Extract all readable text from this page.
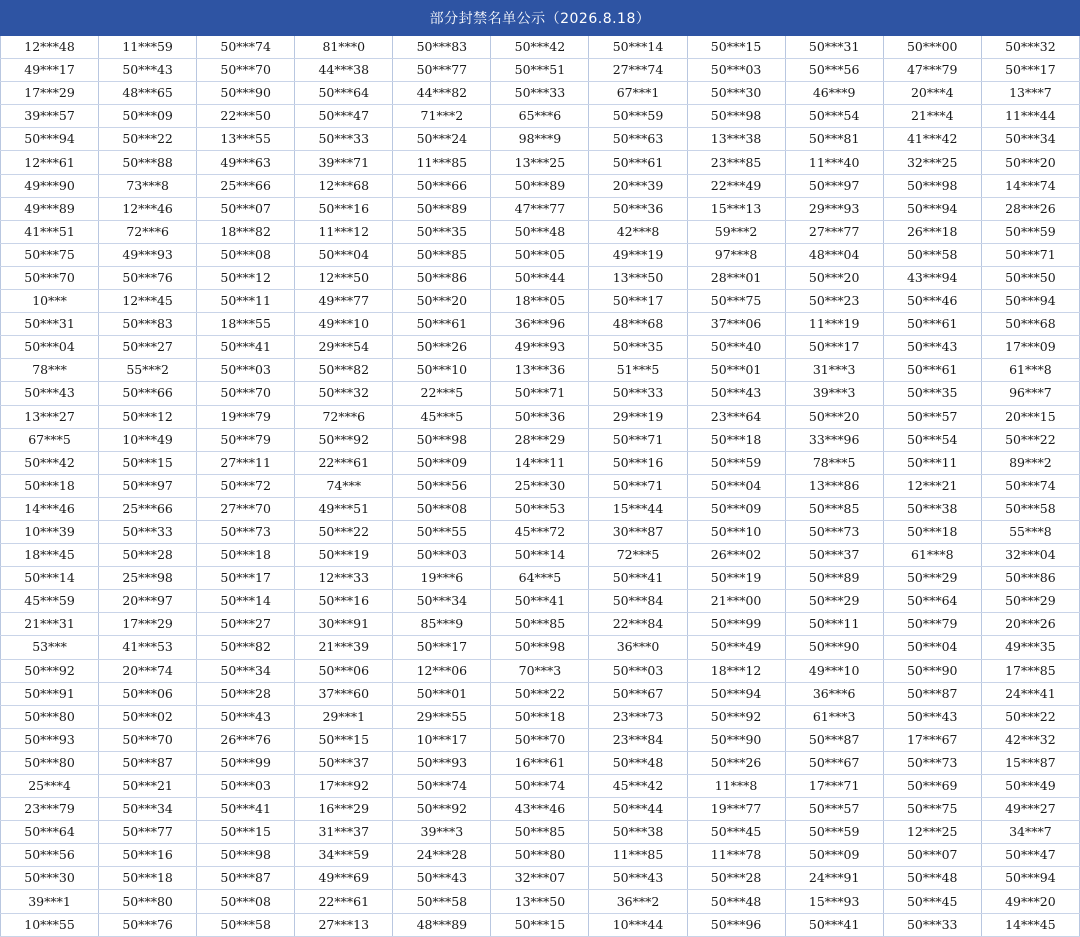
部分封禁名单公示（2026.8.18）
12***48	11***59	50***74	81***0	50***83	50***42	50***14	50***15	50***31	50***00	50***32
49***17	50***43	50***70	44***38	50***77	50***51	27***74	50***03	50***56	47***79	50***17
17***29	48***65	50***90	50***64	44***82	50***33	67***1	50***30	46***9	20***4	13***7
39***57	50***09	22***50	50***47	71***2	65***6	50***59	50***98	50***54	21***4	11***44
50***94	50***22	13***55	50***33	50***24	98***9	50***63	13***38	50***81	41***42	50***34
12***61	50***88	49***63	39***71	11***85	13***25	50***61	23***85	11***40	32***25	50***20
49***90	73***8	25***66	12***68	50***66	50***89	20***39	22***49	50***97	50***98	14***74
49***89	12***46	50***07	50***16	50***89	47***77	50***36	15***13	29***93	50***94	28***26
41***51	72***6	18***82	11***12	50***35	50***48	42***8	59***2	27***77	26***18	50***59
50***75	49***93	50***08	50***04	50***85	50***05	49***19	97***8	48***04	50***58	50***71
50***70	50***76	50***12	12***50	50***86	50***44	13***50	28***01	50***20	43***94	50***50
10***	12***45	50***11	49***77	50***20	18***05	50***17	50***75	50***23	50***46	50***94
50***31	50***83	18***55	49***10	50***61	36***96	48***68	37***06	11***19	50***61	50***68
50***04	50***27	50***41	29***54	50***26	49***93	50***35	50***40	50***17	50***43	17***09
78***	55***2	50***03	50***82	50***10	13***36	51***5	50***01	31***3	50***61	61***8
50***43	50***66	50***70	50***32	22***5	50***71	50***33	50***43	39***3	50***35	96***7
13***27	50***12	19***79	72***6	45***5	50***36	29***19	23***64	50***20	50***57	20***15
67***5	10***49	50***79	50***92	50***98	28***29	50***71	50***18	33***96	50***54	50***22
50***42	50***15	27***11	22***61	50***09	14***11	50***16	50***59	78***5	50***11	89***2
50***18	50***97	50***72	74***	50***56	25***30	50***71	50***04	13***86	12***21	50***74
14***46	25***66	27***70	49***51	50***08	50***53	15***44	50***09	50***85	50***38	50***58
10***39	50***33	50***73	50***22	50***55	45***72	30***87	50***10	50***73	50***18	55***8
18***45	50***28	50***18	50***19	50***03	50***14	72***5	26***02	50***37	61***8	32***04
50***14	25***98	50***17	12***33	19***6	64***5	50***41	50***19	50***89	50***29	50***86
45***59	20***97	50***14	50***16	50***34	50***41	50***84	21***00	50***29	50***64	50***29
21***31	17***29	50***27	30***91	85***9	50***85	22***84	50***99	50***11	50***79	20***26
53***	41***53	50***82	21***39	50***17	50***98	36***0	50***49	50***90	50***04	49***35
50***92	20***74	50***34	50***06	12***06	70***3	50***03	18***12	49***10	50***90	17***85
50***91	50***06	50***28	37***60	50***01	50***22	50***67	50***94	36***6	50***87	24***41
50***80	50***02	50***43	29***1	29***55	50***18	23***73	50***92	61***3	50***43	50***22
50***93	50***70	26***76	50***15	10***17	50***70	23***84	50***90	50***87	17***67	42***32
50***80	50***87	50***99	50***37	50***93	16***61	50***48	50***26	50***67	50***73	15***87
25***4	50***21	50***03	17***92	50***74	50***74	45***42	11***8	17***71	50***69	50***49
23***79	50***34	50***41	16***29	50***92	43***46	50***44	19***77	50***57	50***75	49***27
50***64	50***77	50***15	31***37	39***3	50***85	50***38	50***45	50***59	12***25	34***7
50***56	50***16	50***98	34***59	24***28	50***80	11***85	11***78	50***09	50***07	50***47
50***30	50***18	50***87	49***69	50***43	32***07	50***43	50***28	24***91	50***48	50***94
39***1	50***80	50***08	22***61	50***58	13***50	36***2	50***48	15***93	50***45	49***20
10***55	50***76	50***58	27***13	48***89	50***15	10***44	50***96	50***41	50***33	14***45
